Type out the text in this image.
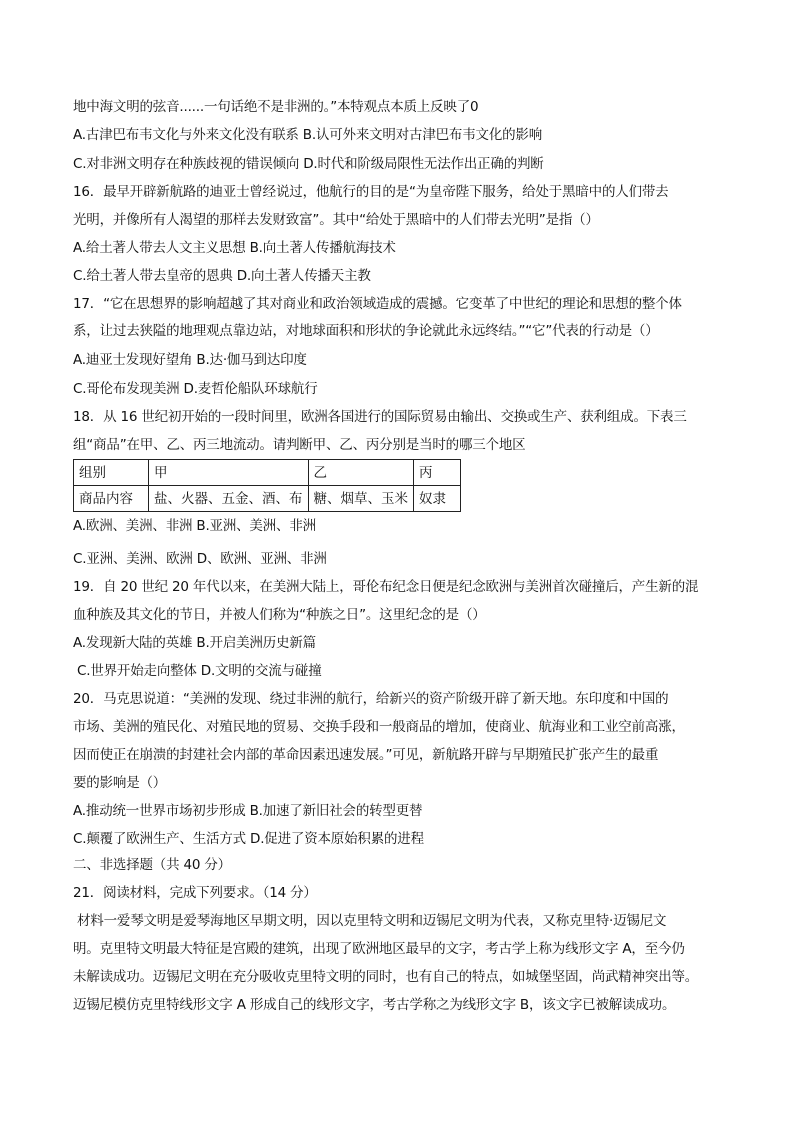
地中海文明的弦音......一句话绝不是非洲的。”本特观点本质上反映了0
A.古津巴布韦文化与外来文化没有联系 B.认可外来文明对古津巴布韦文化的影响
C.对非洲文明存在种族歧视的错误倾向 D.时代和阶级局限性无法作出正确的判断
16．最早开辟新航路的迪亚士曾经说过，他航行的目的是“为皇帝陛下服务，给处于黑暗中的人们带去
光明，并像所有人渴望的那样去发财致富”。其中“给处于黑暗中的人们带去光明”是指（）
A.给土著人带去人文主义思想 B.向土著人传播航海技术
C.给土著人带去皇帝的恩典 D.向土著人传播天主教
17．“它在思想界的影响超越了其对商业和政治领域造成的震撼。它变革了中世纪的理论和思想的整个体
系，让过去狭隘的地理观点靠边站，对地球面积和形状的争论就此永远终结。”“它”代表的行动是（）
A.迪亚士发现好望角 B.达·伽马到达印度
C.哥伦布发现美洲 D.麦哲伦船队环球航行
18．从 16 世纪初开始的一段时间里，欧洲各国进行的国际贸易由输出、交换或生产、获利组成。下表三
组“商品”在甲、乙、丙三地流动。请判断甲、乙、丙分别是当时的哪三个地区
组别	甲	乙	丙
商品内容	盐、火器、五金、酒、布	糖、烟草、玉米	奴隶
A.欧洲、美洲、非洲 B.亚洲、美洲、非洲
C.亚洲、美洲、欧洲 D、欧洲、亚洲、非洲
19．自 20 世纪 20 年代以来，在美洲大陆上，哥伦布纪念日便是纪念欧洲与美洲首次碰撞后，产生新的混
血种族及其文化的节日，并被人们称为“种族之日”。这里纪念的是（）
A.发现新大陆的英雄 B.开启美洲历史新篇
C.世界开始走向整体 D.文明的交流与碰撞
20．马克思说道：“美洲的发现、绕过非洲的航行，给新兴的资产阶级开辟了新天地。东印度和中国的
市场、美洲的殖民化、对殖民地的贸易、交换手段和一般商品的增加，使商业、航海业和工业空前高涨，
因而使正在崩溃的封建社会内部的革命因素迅速发展。”可见，新航路开辟与早期殖民扩张产生的最重
要的影响是（）
A.推动统一世界市场初步形成 B.加速了新旧社会的转型更替
C.颠覆了欧洲生产、生活方式 D.促进了资本原始积累的进程
二、非选择题（共 40 分）
21．阅读材料，完成下列要求。（14 分）
材料一爱琴文明是爱琴海地区早期文明，因以克里特文明和迈锡尼文明为代表，又称克里特·迈锡尼文
明。克里特文明最大特征是宫殿的建筑，出现了欧洲地区最早的文字，考古学上称为线形文字 A，至今仍
未解读成功。迈锡尼文明在充分吸收克里特文明的同时，也有自己的特点，如城堡坚固，尚武精神突出等。
迈锡尼模仿克里特线形文字 A 形成自己的线形文字，考古学称之为线形文字 B，该文字已被解读成功。
